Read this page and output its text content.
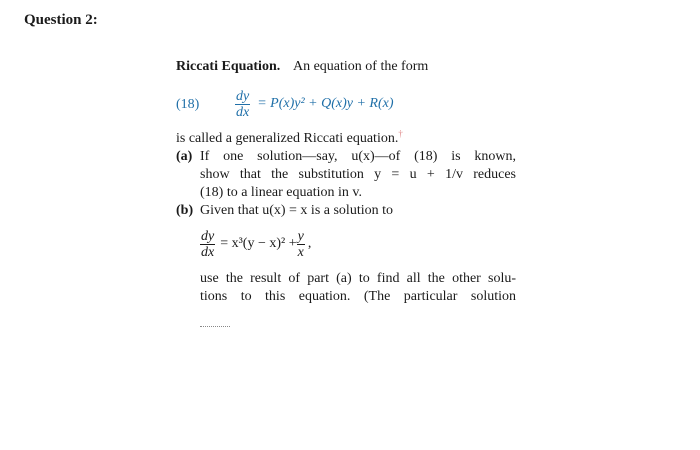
Question 2:
Riccati Equation. An equation of the form
(18)	$\frac{dy}{dx} = P(x)y^2 + Q(x)y + R(x)$
is called a generalized Riccati equation.†
(a) If one solution—say, u(x)—of (18) is known,
show that the substitution y = u + 1/v reduces
(18) to a linear equation in v.
(b) Given that u(x) = x is a solution to
$\frac{dy}{dx} = x^3(y - x)^2 + \frac{y}{x}$ ,
use the result of part (a) to find all the other solu-
tions to this equation. (The particular solution
